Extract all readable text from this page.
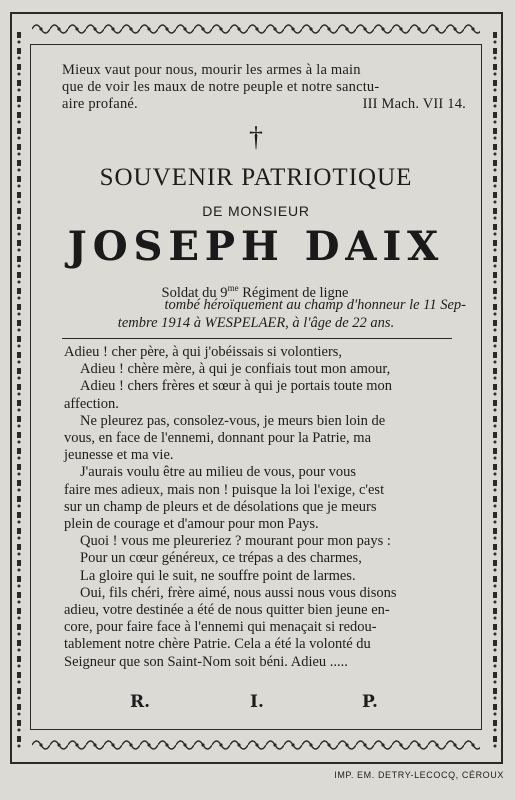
Mieux vaut pour nous, mourir les armes à la main
que de voir les maux de notre peuple et notre sanctu-
aire profané.	III Mach. VII 14.
†
SOUVENIR PATRIOTIQUE
DE MONSIEUR
JOSEPH DAIX
Soldat du $9^{me}$ Régiment de ligne
tombé héroïquement au champ d'honneur le 11 Sep-
tembre 1914 à WESPELAER, à l'âge de 22 ans.
Adieu ! cher père, à qui j'obéissais si volontiers,
Adieu ! chère mère, à qui je confiais tout mon amour,
Adieu ! chers frères et sœur à qui je portais toute mon
affection.
Ne pleurez pas, consolez-vous, je meurs bien loin de
vous, en face de l'ennemi, donnant pour la Patrie, ma
jeunesse et ma vie.
J'aurais voulu être au milieu de vous, pour vous
faire mes adieux, mais non ! puisque la loi l'exige, c'est
sur un champ de pleurs et de désolations que je meurs
plein de courage et d'amour pour mon Pays.
Quoi ! vous me pleureriez ? mourant pour mon pays :
Pour un cœur généreux, ce trépas a des charmes,
La gloire qui le suit, ne souffre point de larmes.
Oui, fils chéri, frère aimé, nous aussi nous vous disons
adieu, votre destinée a été de nous quitter bien jeune en-
core, pour faire face à l'ennemi qui menaçait si redou-
tablement notre chère Patrie. Cela a été la volonté du
Seigneur que son Saint-Nom soit béni. Adieu .....
R.	I.	P.
IMP. EM. DETRY-LECOCQ, CÉROUX
